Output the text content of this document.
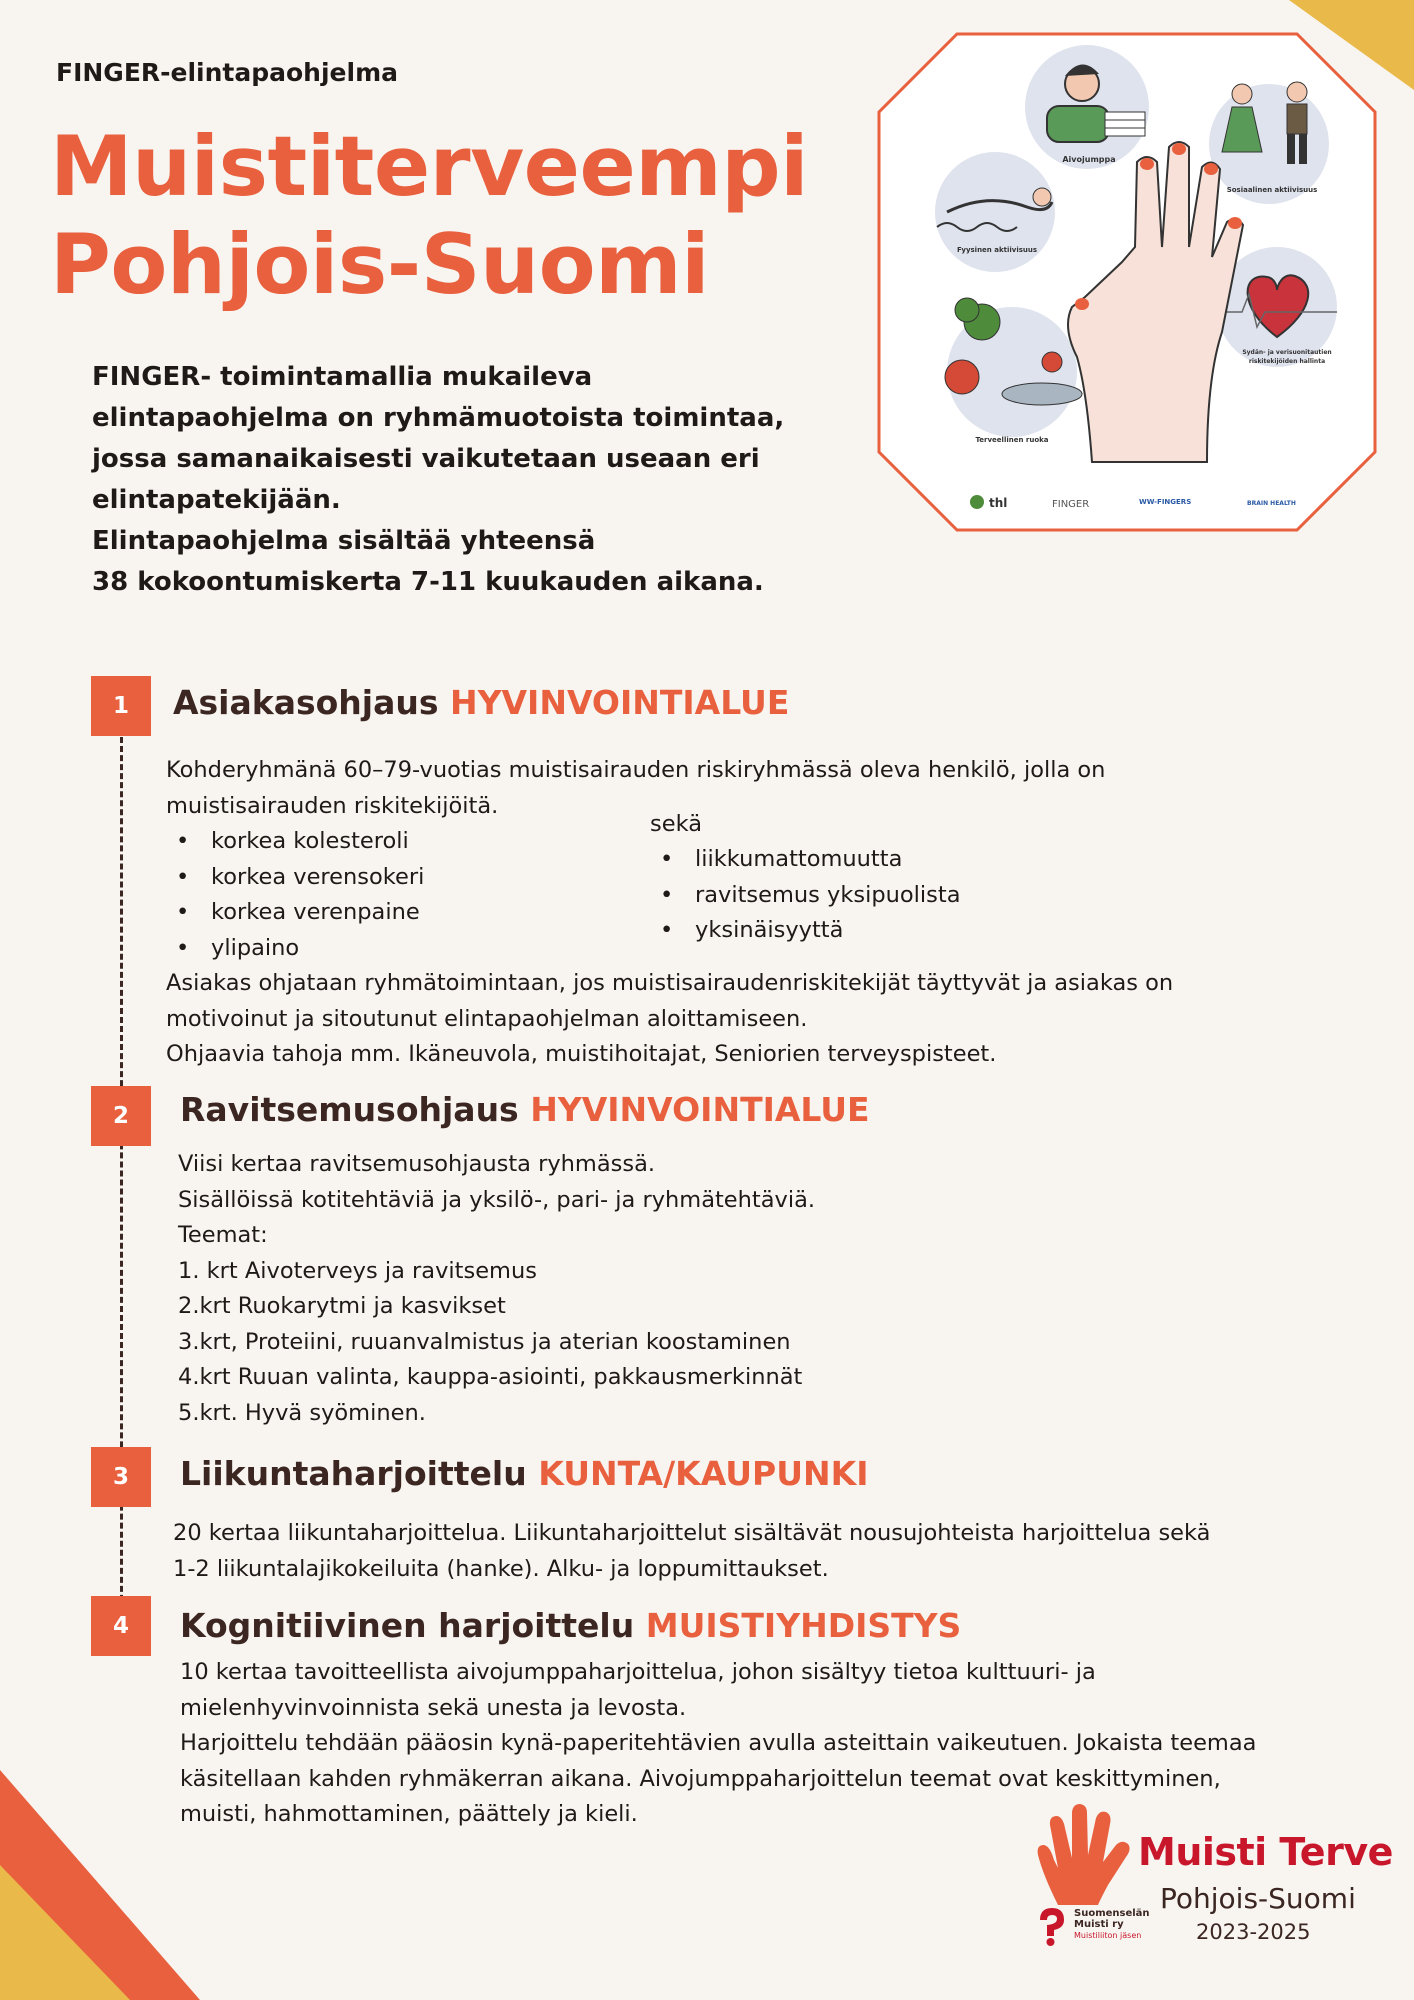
FINGER-elintapaohjelma
Muistiterveempi
Pohjois-Suomi

FINGER- toimintamallia mukaileva

elintapaohjelma on ryhmämuotoista toimintaa,

jossa samanaikaisesti vaikutetaan useaan eri

elintapatekijään.

Elintapaohjelma sisältää yhteensä

38 kokoontumiskerta 7-11 kuukauden aikana.

Aivojumppa
Sosiaalinen aktiivisuus
Fyysinen aktiivisuus
Sydän- ja verisuonitautien
riskitekijöiden hallinta
Terveellinen ruoka
thl	FINGER	WW-FINGERS	BRAIN HEALTH
1	Asiakasohjaus HYVINVOINTIALUE

Kohderyhmänä 60–79-vuotias muistisairauden riskiryhmässä oleva henkilö, jolla on

muistisairauden riskitekijöitä.

• korkea kolesteroli
• korkea verensokeri
• korkea verenpaine
• ylipaino
sekä
• liikkumattomuutta
• ravitsemus yksipuolista
• yksinäisyyttä

Asiakas ohjataan ryhmätoimintaan, jos muistisairaudenriskitekijät täyttyvät ja asiakas on

motivoinut ja sitoutunut elintapaohjelman aloittamiseen.

Ohjaavia tahoja mm. Ikäneuvola, muistihoitajat, Seniorien terveyspisteet.

2	Ravitsemusohjaus HYVINVOINTIALUE

Viisi kertaa ravitsemusohjausta ryhmässä.

Sisällöissä kotitehtäviä ja yksilö-, pari- ja ryhmätehtäviä.

Teemat:

1. krt Aivoterveys ja ravitsemus

2.krt Ruokarytmi ja kasvikset

3.krt, Proteiini, ruuanvalmistus ja aterian koostaminen

4.krt Ruuan valinta, kauppa-asiointi, pakkausmerkinnät

5.krt. Hyvä syöminen.

3	Liikuntaharjoittelu KUNTA/KAUPUNKI

20 kertaa liikuntaharjoittelua. Liikuntaharjoittelut sisältävät nousujohteista harjoittelua sekä

1-2 liikuntalajikokeiluita (hanke). Alku- ja loppumittaukset.

4	Kognitiivinen harjoittelu MUISTIYHDISTYS

10 kertaa tavoitteellista aivojumppaharjoittelua, johon sisältyy tietoa kulttuuri- ja

mielenhyvinvoinnista sekä unesta ja levosta.

Harjoittelu tehdään pääosin kynä-paperitehtävien avulla asteittain vaikeutuen. Jokaista teemaa

käsitellaan kahden ryhmäkerran aikana. Aivojumppaharjoittelun teemat ovat keskittyminen,

muisti, hahmottaminen, päättely ja kieli.

Muisti Terve
Pohjois-Suomi
2023-2025
Suomenselän
Muisti ry
Muistiliiton jäsen
